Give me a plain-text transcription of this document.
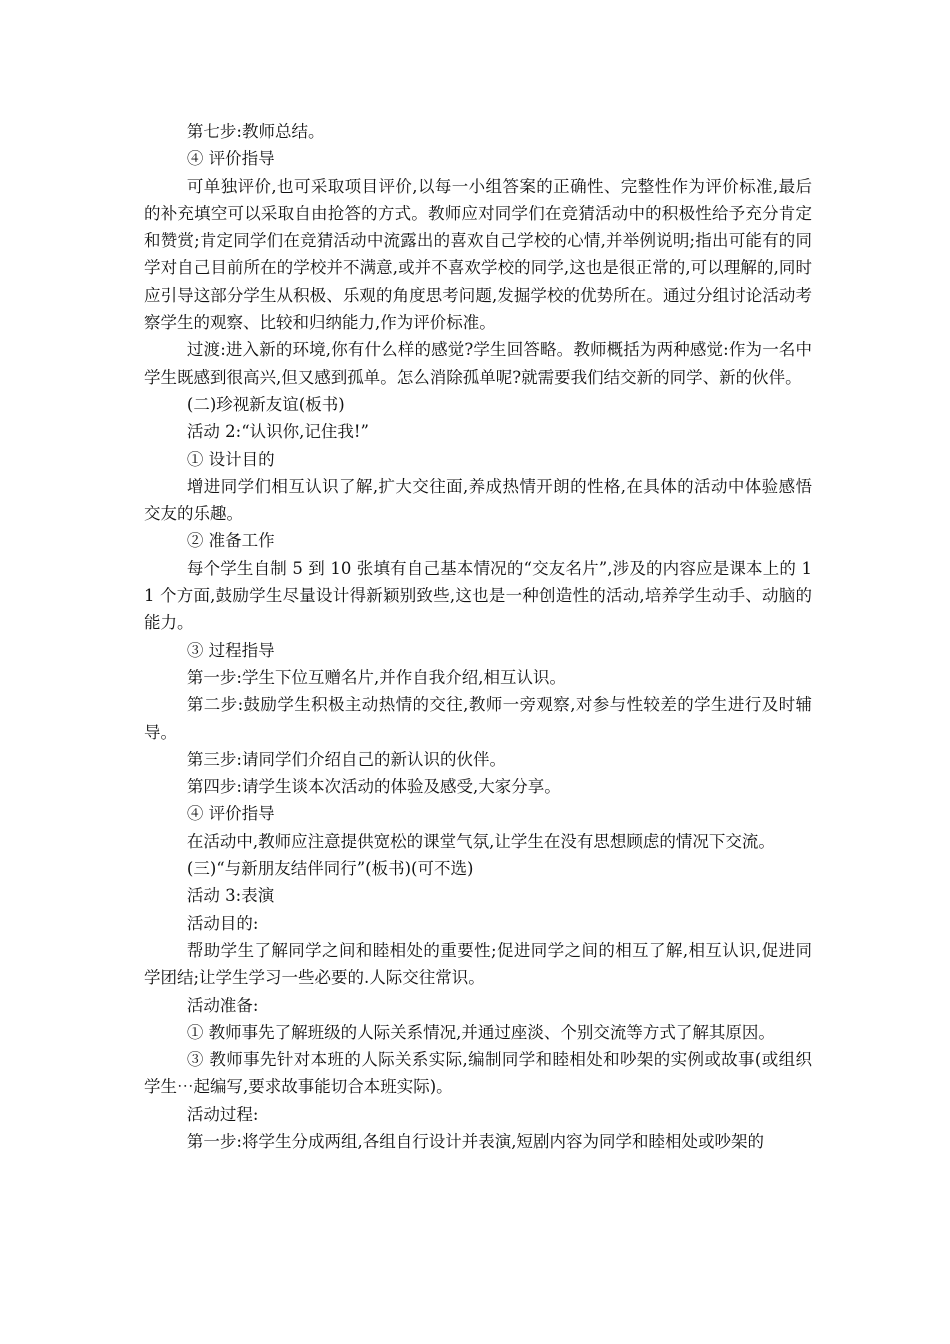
第七步:教师总结。

④ 评价指导

可单独评价,也可采取项目评价,以每一小组答案的正确性、完整性作为评价标准,最后的补充填空可以采取自由抢答的方式。教师应对同学们在竞猜活动中的积极性给予充分肯定和赞赏;肯定同学们在竞猜活动中流露出的喜欢自己学校的心情,并举例说明;指出可能有的同学对自己目前所在的学校并不满意,或并不喜欢学校的同学,这也是很正常的,可以理解的,同时应引导这部分学生从积极、乐观的角度思考问题,发掘学校的优势所在。通过分组讨论活动考察学生的观察、比较和归纳能力,作为评价标准。

过渡:进入新的环境,你有什么样的感觉?学生回答略。教师概括为两种感觉:作为一名中学生既感到很高兴,但又感到孤单。怎么消除孤单呢?就需要我们结交新的同学、新的伙伴。

(二)珍视新友谊(板书)

活动 2:“认识你,记住我!”

① 设计目的

增进同学们相互认识了解,扩大交往面,养成热情开朗的性格,在具体的活动中体验感悟交友的乐趣。

② 准备工作

每个学生自制 5 到 10 张填有自己基本情况的“交友名片”,涉及的内容应是课本上的 11 个方面,鼓励学生尽量设计得新颖别致些,这也是一种创造性的活动,培养学生动手、动脑的能力。

③ 过程指导

第一步:学生下位互赠名片,并作自我介绍,相互认识。

第二步:鼓励学生积极主动热情的交往,教师一旁观察,对参与性较差的学生进行及时辅导。

第三步:请同学们介绍自己的新认识的伙伴。

第四步:请学生谈本次活动的体验及感受,大家分享。

④ 评价指导

在活动中,教师应注意提供宽松的课堂气氛,让学生在没有思想顾虑的情况下交流。

(三)“与新朋友结伴同行”(板书)(可不选)

活动 3:表演

活动目的:

帮助学生了解同学之间和睦相处的重要性;促进同学之间的相互了解,相互认识,促进同学团结;让学生学习一些必要的.人际交往常识。

活动准备:

① 教师事先了解班级的人际关系情况,并通过座淡、个别交流等方式了解其原因。

③ 教师事先针对本班的人际关系实际,编制同学和睦相处和吵架的实例或故事(或组织学生⋯起编写,要求故事能切合本班实际)。

活动过程:

第一步:将学生分成两组,各组自行设计并表演,短剧内容为同学和睦相处或吵架的
